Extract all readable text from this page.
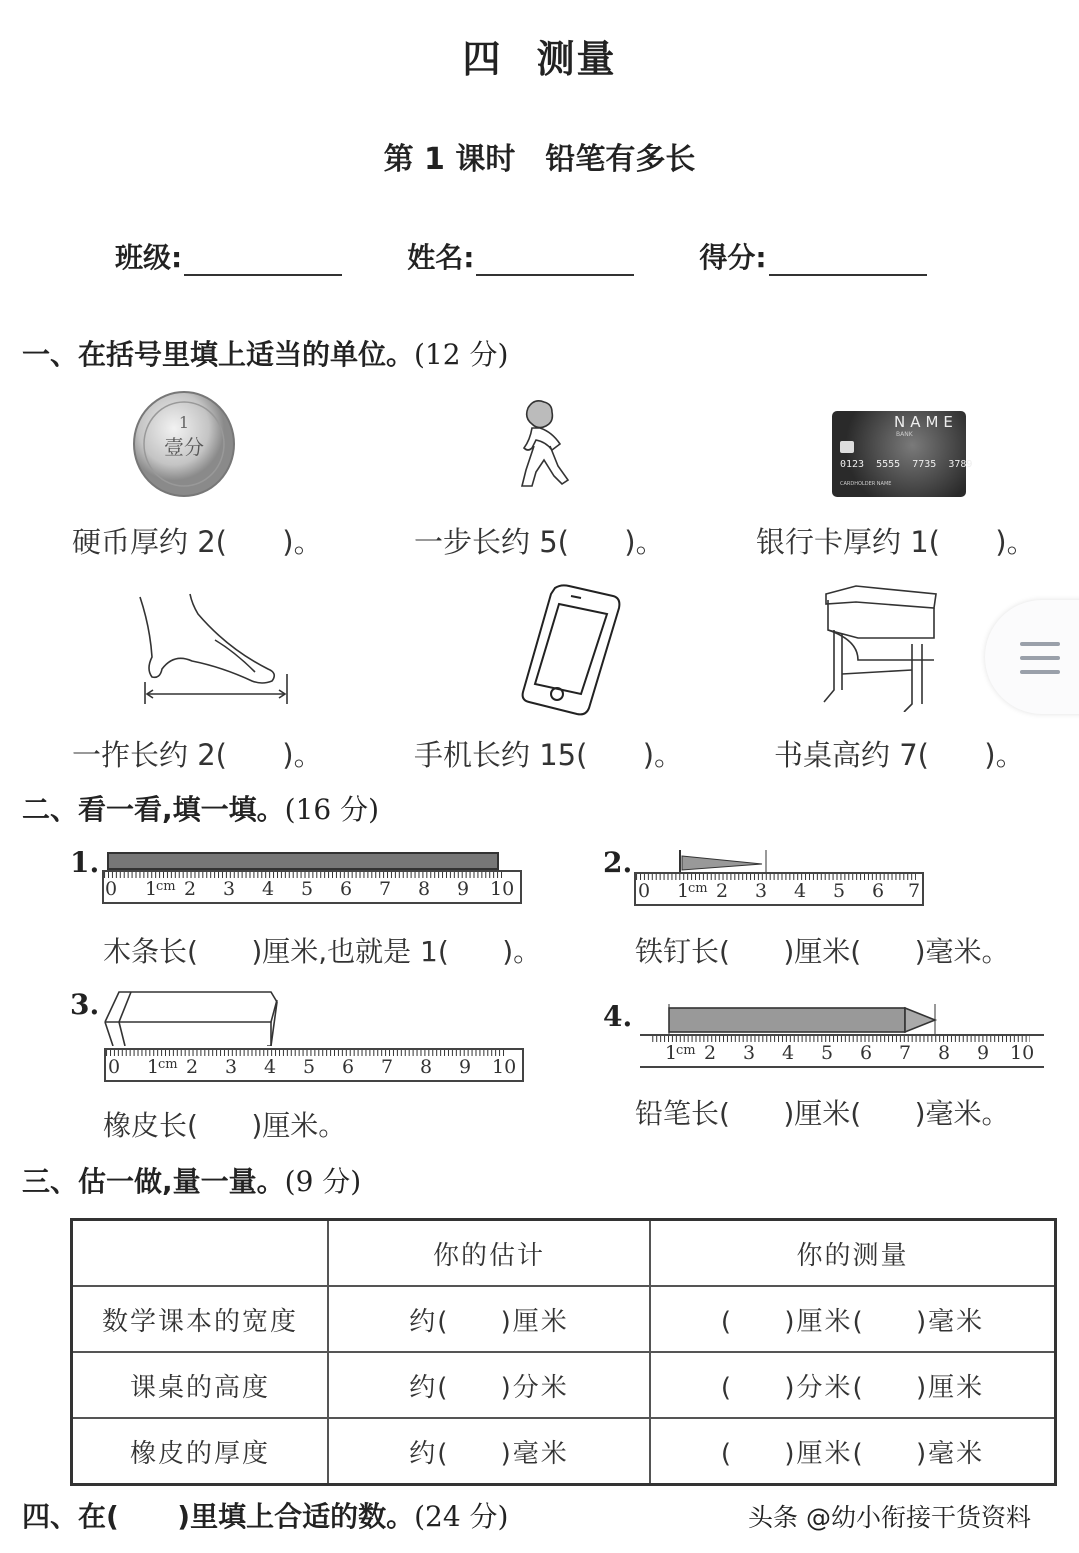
四 测量
第 1 课时 铅笔有多长
班级:	姓名:	得分:
一、在括号里填上适当的单位。(12 分)
1
壹分
NAME
BANK
0123  5555  7735  3789
CARDHOLDER NAME
硬币厚约 2(      )。	一步长约 5(      )。	银行卡厚约 1(      )。
一拃长约 2(      )。	手机长约 15(      )。	书桌高约 7(      )。
二、看一看,填一填。(16 分)
1.
0 1
cm 2 3 4 5 6 7 8 9 10
木条长(      )厘米,也就是 1(      )。
2.
0 1
cm 2 3 4 5 6 7
铁钉长(      )厘米(      )毫米。
3.
0 1
cm 2 3 4 5 6 7 8 9 10
橡皮长(      )厘米。
4.
1
cm 2 3 4 5 6 7 8 9 10
铅笔长(      )厘米(      )毫米。
三、估一做,量一量。(9 分)
	你的估计	你的测量
数学课本的宽度	约(     )厘米	(     )厘米(     )毫米
课桌的高度	约(     )分米	(     )分米(     )厘米
橡皮的厚度	约(     )毫米	(     )厘米(     )毫米
四、在(      )里填上合适的数。(24 分)	头条 @幼小衔接干货资料
